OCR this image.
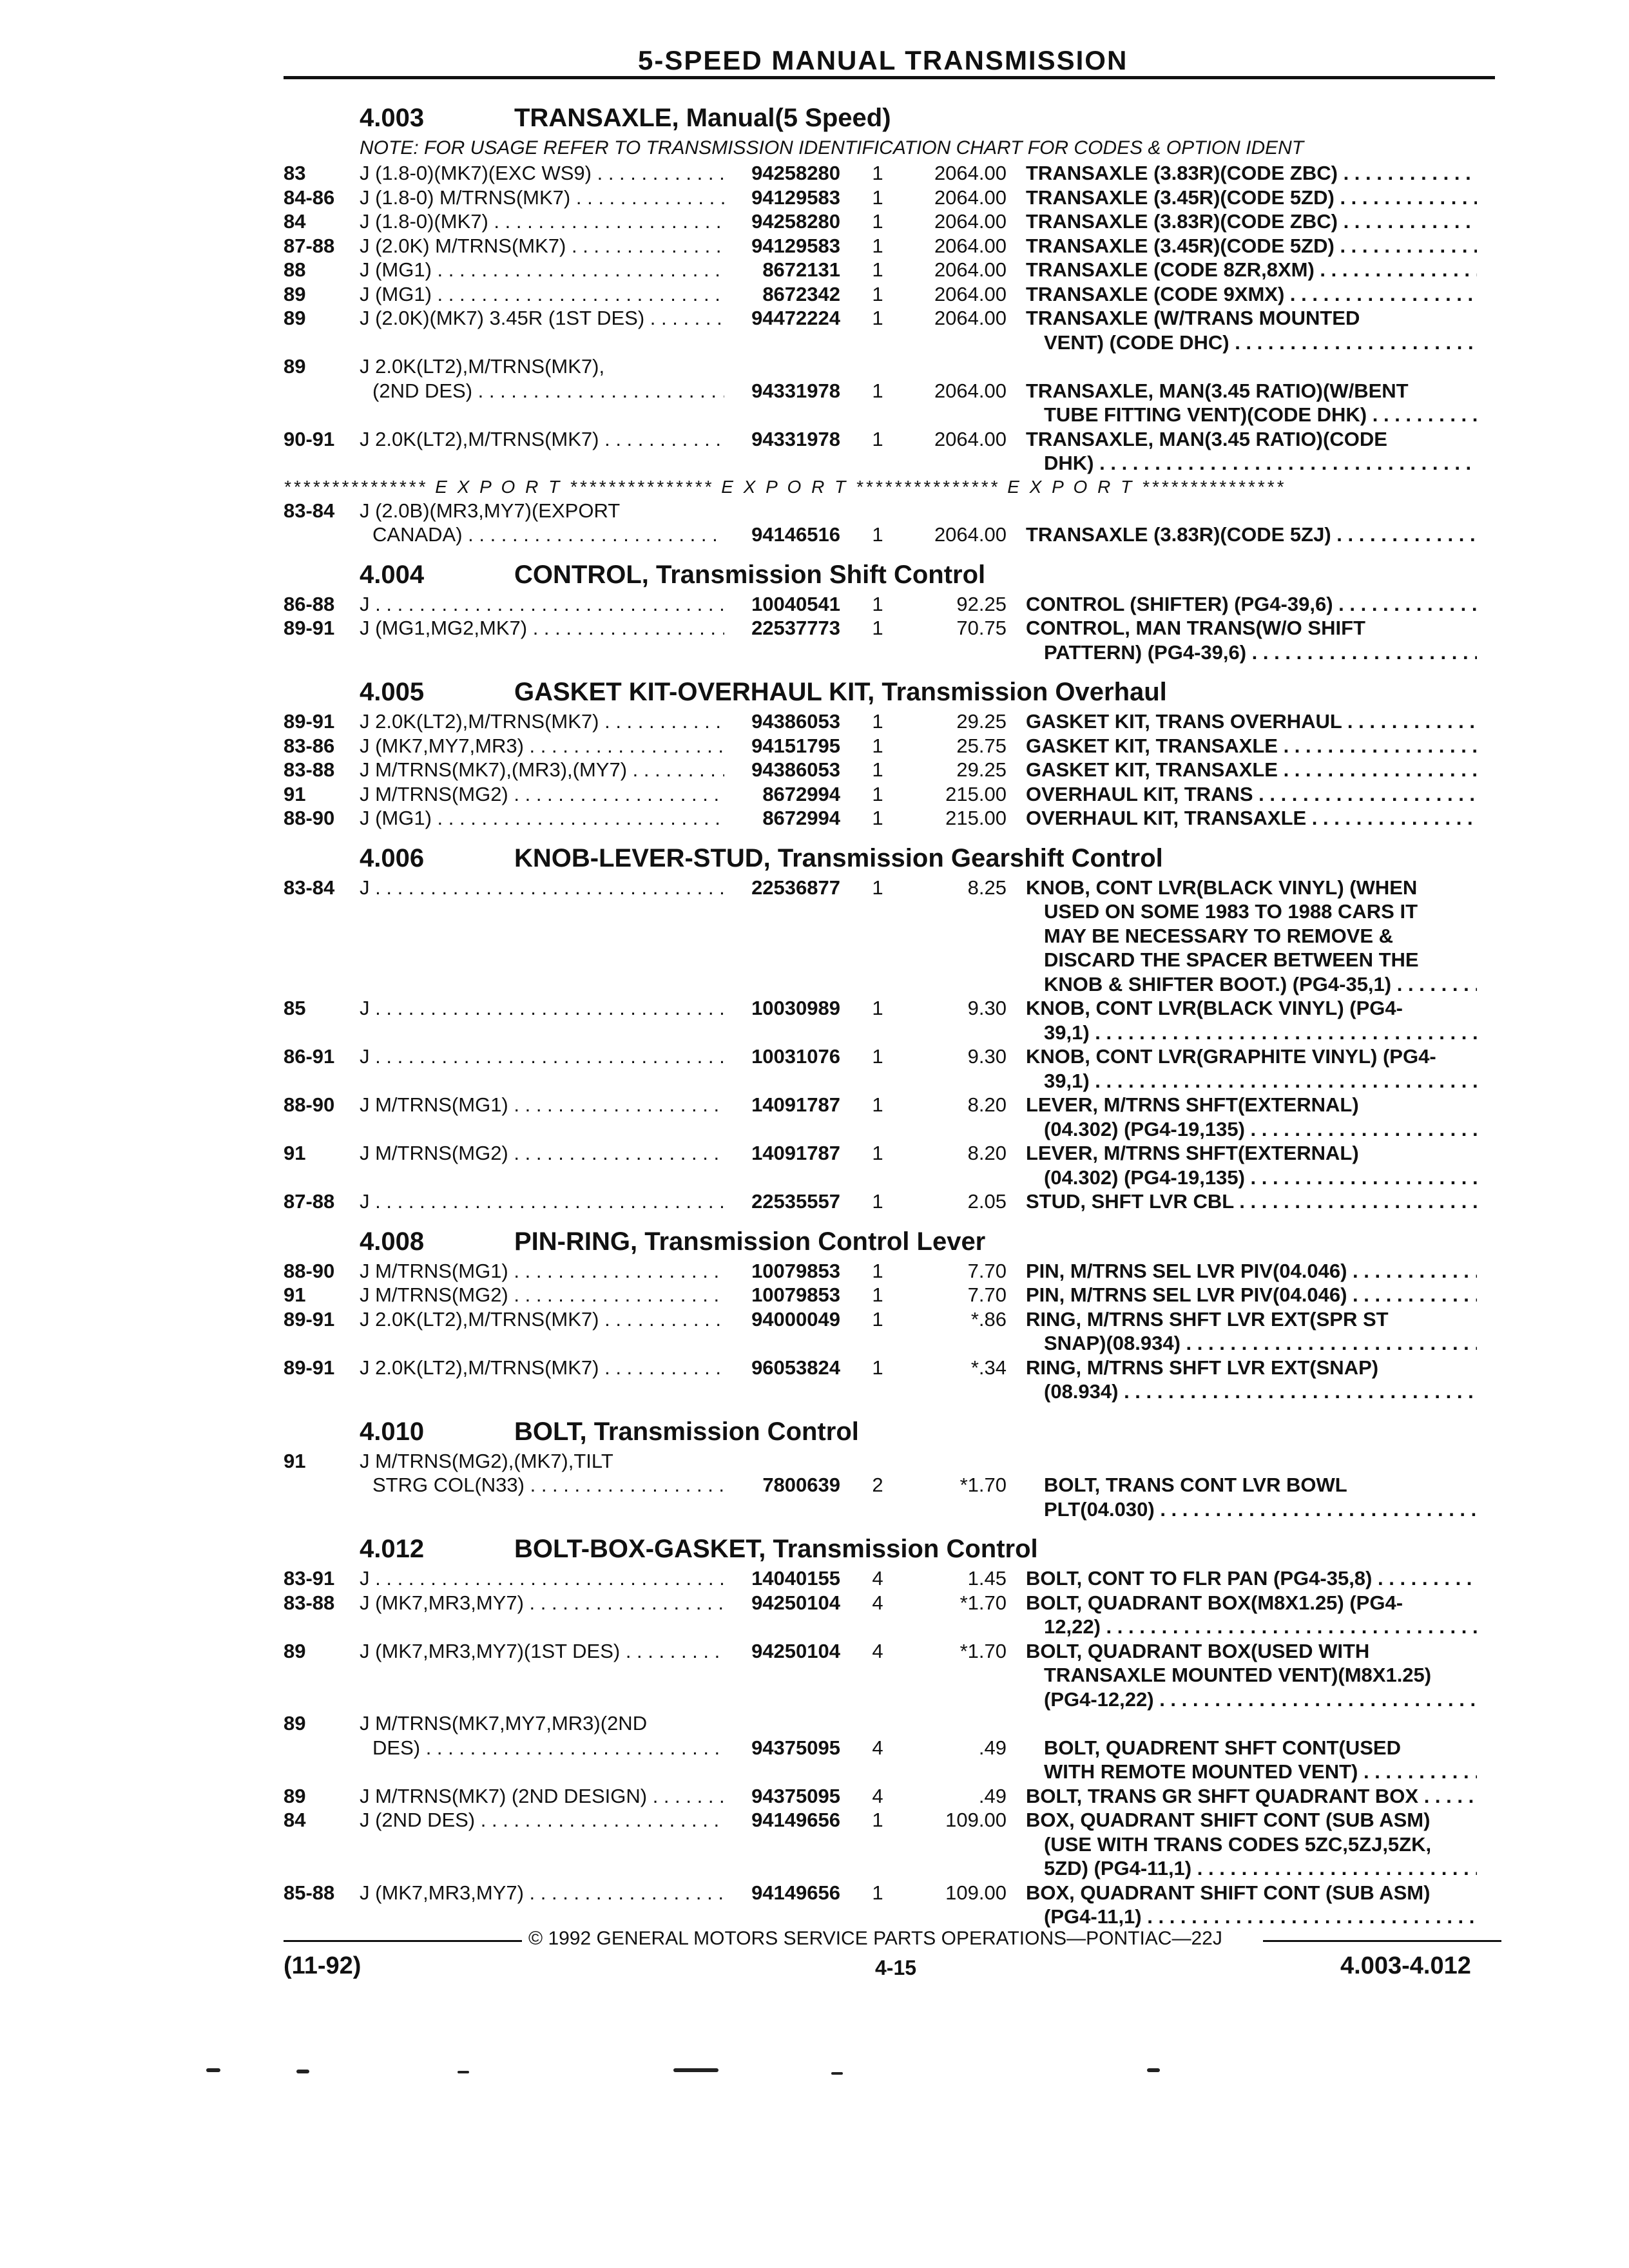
5-SPEED MANUAL TRANSMISSION
4.003	TRANSAXLE, Manual(5 Speed)
NOTE: FOR USAGE REFER TO TRANSMISSION IDENTIFICATION CHART FOR CODES & OPTION IDENT
83	J (1.8-0)(MK7)(EXC WS9) . . .	94258280	1	2064.00 TRANSAXLE (3.83R)(CODE ZBC) . . .
84-86	J (1.8-0) M/TRNS(MK7) . . .	94129583	1	2064.00 TRANSAXLE (3.45R)(CODE 5ZD) . . .
84	J (1.8-0)(MK7) . . .	94258280	1	2064.00 TRANSAXLE (3.83R)(CODE ZBC) . . .
87-88	J (2.0K) M/TRNS(MK7) . . .	94129583	1	2064.00 TRANSAXLE (3.45R)(CODE 5ZD) . . .
88	J (MG1) . . .	8672131	1	2064.00 TRANSAXLE (CODE 8ZR,8XM) . . .
89	J (MG1) . . .	8672342	1	2064.00 TRANSAXLE (CODE 9XMX) . . .
89	J (2.0K)(MK7) 3.45R (1ST DES) . . .	94472224	1	2064.00 TRANSAXLE (W/TRANS MOUNTED
VENT) (CODE DHC) . . .
89	J 2.0K(LT2),M/TRNS(MK7),
(2ND DES) . . .	94331978	1	2064.00 TRANSAXLE, MAN(3.45 RATIO)(W/BENT
TUBE FITTING VENT)(CODE DHK) . . .
90-91	J 2.0K(LT2),M/TRNS(MK7) . . .	94331978	1	2064.00 TRANSAXLE, MAN(3.45 RATIO)(CODE
DHK) . . .
*************** E X P O R T *************** E X P O R T *************** E X P O R T ***************
83-84	J (2.0B)(MR3,MY7)(EXPORT
CANADA) . . .	94146516	1	2064.00 TRANSAXLE (3.83R)(CODE 5ZJ) . . .
4.004	CONTROL, Transmission Shift Control
86-88	J . . .	10040541	1	92.25 CONTROL (SHIFTER) (PG4-39,6) . . .
89-91	J (MG1,MG2,MK7) . . .	22537773	1	70.75 CONTROL, MAN TRANS(W/O SHIFT
PATTERN) (PG4-39,6) . . .
4.005	GASKET KIT-OVERHAUL KIT, Transmission Overhaul
89-91	J 2.0K(LT2),M/TRNS(MK7) . . .	94386053	1	29.25 GASKET KIT, TRANS OVERHAUL . . .
83-86	J (MK7,MY7,MR3) . . .	94151795	1	25.75 GASKET KIT, TRANSAXLE . . .
83-88	J M/TRNS(MK7),(MR3),(MY7) . . .	94386053	1	29.25 GASKET KIT, TRANSAXLE . . .
91	J M/TRNS(MG2) . . .	8672994	1	215.00 OVERHAUL KIT, TRANS . . .
88-90	J (MG1) . . .	8672994	1	215.00 OVERHAUL KIT, TRANSAXLE . . .
4.006	KNOB-LEVER-STUD, Transmission Gearshift Control
83-84	J . . .	22536877	1	8.25 KNOB, CONT LVR(BLACK VINYL) (WHEN
USED ON SOME 1983 TO 1988 CARS IT
MAY BE NECESSARY TO REMOVE &
DISCARD THE SPACER BETWEEN THE
KNOB & SHIFTER BOOT.) (PG4-35,1) . . .
85	J . . .	10030989	1	9.30 KNOB, CONT LVR(BLACK VINYL) (PG4-
39,1) . . .
86-91	J . . .	10031076	1	9.30 KNOB, CONT LVR(GRAPHITE VINYL) (PG4-
39,1) . . .
88-90	J M/TRNS(MG1) . . .	14091787	1	8.20 LEVER, M/TRNS SHFT(EXTERNAL)
(04.302) (PG4-19,135) . . .
91	J M/TRNS(MG2) . . .	14091787	1	8.20 LEVER, M/TRNS SHFT(EXTERNAL)
(04.302) (PG4-19,135) . . .
87-88	J . . .	22535557	1	2.05 STUD, SHFT LVR CBL . . .
4.008	PIN-RING, Transmission Control Lever
88-90	J M/TRNS(MG1) . . .	10079853	1	7.70 PIN, M/TRNS SEL LVR PIV(04.046) . . .
91	J M/TRNS(MG2) . . .	10079853	1	7.70 PIN, M/TRNS SEL LVR PIV(04.046) . . .
89-91	J 2.0K(LT2),M/TRNS(MK7) . . .	94000049	1	*.86 RING, M/TRNS SHFT LVR EXT(SPR ST
SNAP)(08.934) . . .
89-91	J 2.0K(LT2),M/TRNS(MK7) . . .	96053824	1	*.34 RING, M/TRNS SHFT LVR EXT(SNAP)
(08.934) . . .
4.010	BOLT, Transmission Control
91	J M/TRNS(MG2),(MK7),TILT
STRG COL(N33) . . .	7800639	2	*1.70	BOLT, TRANS CONT LVR BOWL
PLT(04.030) . . .
4.012	BOLT-BOX-GASKET, Transmission Control
83-91	J . . .	14040155	4	1.45 BOLT, CONT TO FLR PAN (PG4-35,8) . . .
83-88	J (MK7,MR3,MY7) . . .	94250104	4	*1.70 BOLT, QUADRANT BOX(M8X1.25) (PG4-
12,22) . . .
89	J (MK7,MR3,MY7)(1ST DES) . . .	94250104	4	*1.70 BOLT, QUADRANT BOX(USED WITH
TRANSAXLE MOUNTED VENT)(M8X1.25)
(PG4-12,22) . . .
89	J M/TRNS(MK7,MY7,MR3)(2ND
DES) . . .	94375095	4	.49	BOLT, QUADRENT SHFT CONT(USED
WITH REMOTE MOUNTED VENT) . . .
89	J M/TRNS(MK7) (2ND DESIGN) . . .	94375095	4	.49 BOLT, TRANS GR SHFT QUADRANT BOX . . .
84	J (2ND DES) . . .	94149656	1	109.00 BOX, QUADRANT SHIFT CONT (SUB ASM)
(USE WITH TRANS CODES 5ZC,5ZJ,5ZK,
5ZD) (PG4-11,1) . . .
85-88	J (MK7,MR3,MY7) . . .	94149656	1	109.00 BOX, QUADRANT SHIFT CONT (SUB ASM)
(PG4-11,1) . . .
© 1992 GENERAL MOTORS SERVICE PARTS OPERATIONS—PONTIAC—22J
(11-92)	4-15	4.003-4.012
